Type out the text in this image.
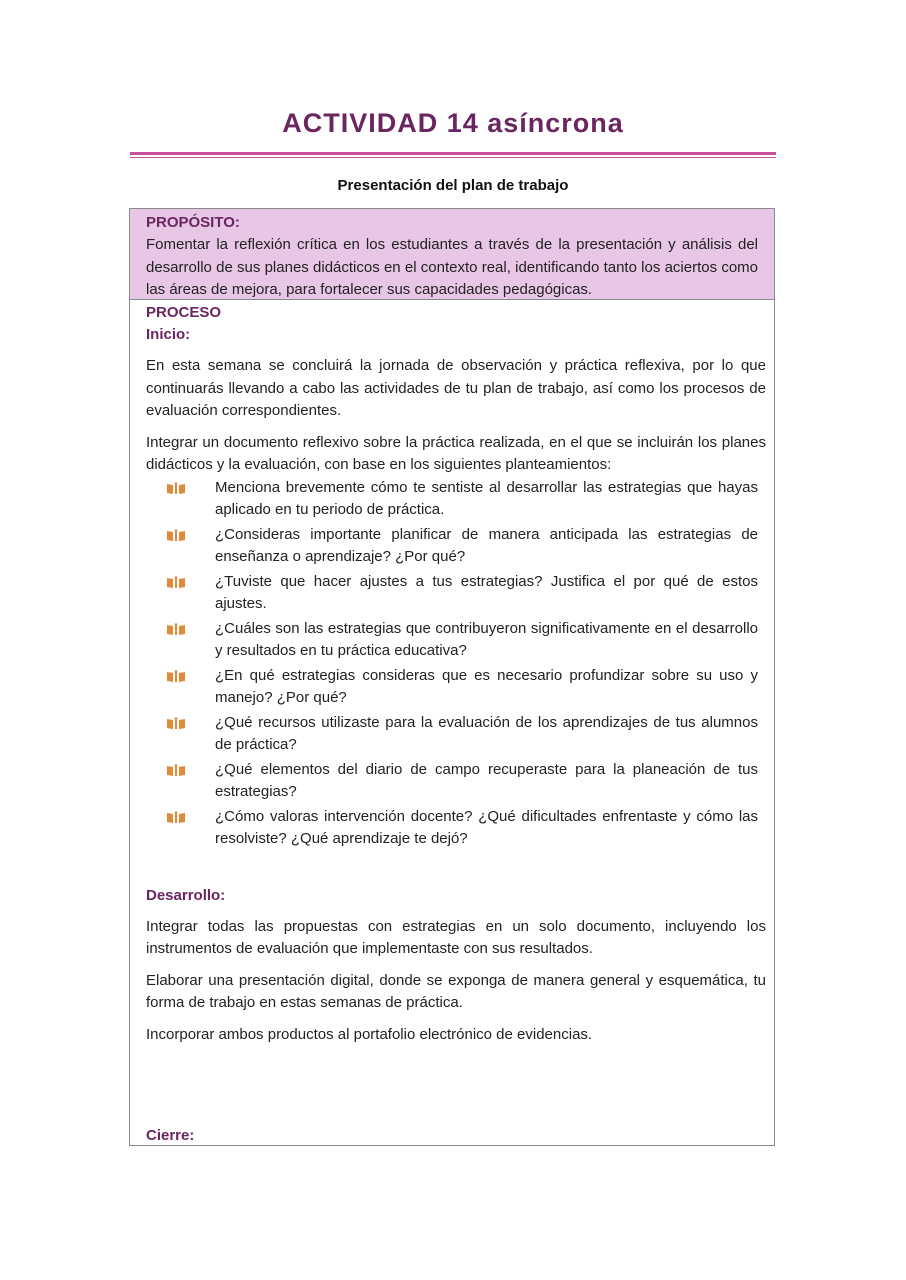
ACTIVIDAD 14 asíncrona
Presentación del plan de trabajo
PROPÓSITO:
Fomentar la reflexión crítica en los estudiantes a través de la presentación y análisis del desarrollo de sus planes didácticos en el contexto real, identificando tanto los aciertos como las áreas de mejora, para fortalecer sus capacidades pedagógicas.
PROCESO
Inicio:
En esta semana se concluirá la jornada de observación y práctica reflexiva, por lo que continuarás llevando a cabo las actividades de tu plan de trabajo, así como los procesos de evaluación correspondientes.
Integrar un documento reflexivo sobre la práctica realizada, en el que se incluirán los planes didácticos y la evaluación, con base en los siguientes planteamientos:
Menciona brevemente cómo te sentiste al desarrollar las estrategias que hayas aplicado en tu periodo de práctica.
¿Consideras importante planificar de manera anticipada las estrategias de enseñanza o aprendizaje? ¿Por qué?
¿Tuviste que hacer ajustes a tus estrategias? Justifica el por qué de estos ajustes.
¿Cuáles son las estrategias que contribuyeron significativamente en el desarrollo y resultados en tu práctica educativa?
¿En qué estrategias consideras que es necesario profundizar sobre su uso y manejo? ¿Por qué?
¿Qué recursos utilizaste para la evaluación de los aprendizajes de tus alumnos de práctica?
¿Qué elementos del diario de campo recuperaste para la planeación de tus estrategias?
¿Cómo valoras intervención docente? ¿Qué dificultades enfrentaste y cómo las resolviste? ¿Qué aprendizaje te dejó?
Desarrollo:
Integrar todas las propuestas con estrategias en un solo documento, incluyendo los instrumentos de evaluación que implementaste con sus resultados.
Elaborar una presentación digital, donde se exponga de manera general y esquemática, tu forma de trabajo en estas semanas de práctica.
Incorporar ambos productos al portafolio electrónico de evidencias.
Cierre:
